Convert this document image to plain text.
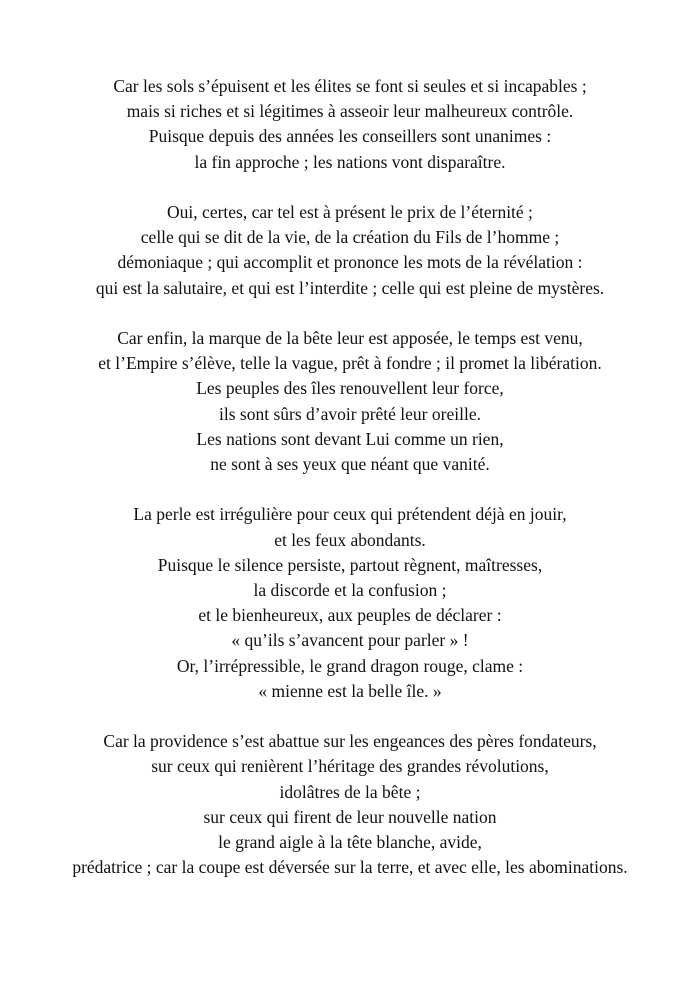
Car les sols s’épuisent et les élites se font si seules et si incapables ;
mais si riches et si légitimes à asseoir leur malheureux contrôle.
Puisque depuis des années les conseillers sont unanimes :
la fin approche ; les nations vont disparaître.
Oui, certes, car tel est à présent le prix de l’éternité ;
celle qui se dit de la vie, de la création du Fils de l’homme ;
démoniaque ; qui accomplit et prononce les mots de la révélation :
qui est la salutaire, et qui est l’interdite ; celle qui est pleine de mystères.
Car enfin, la marque de la bête leur est apposée, le temps est venu,
et l’Empire s’élève, telle la vague, prêt à fondre ; il promet la libération.
Les peuples des îles renouvellent leur force,
ils sont sûrs d’avoir prêté leur oreille.
Les nations sont devant Lui comme un rien,
ne sont à ses yeux que néant que vanité.
La perle est irrégulière pour ceux qui prétendent déjà en jouir,
et les feux abondants.
Puisque le silence persiste, partout règnent, maîtresses,
la discorde et la confusion ;
et le bienheureux, aux peuples de déclarer :
« qu’ils s’avancent pour parler » !
Or, l’irrépressible, le grand dragon rouge, clame :
« mienne est la belle île. »
Car la providence s’est abattue sur les engeances des pères fondateurs,
sur ceux qui renièrent l’héritage des grandes révolutions,
idolâtres de la bête ;
sur ceux qui firent de leur nouvelle nation
le grand aigle à la tête blanche, avide,
prédatrice ; car la coupe est déversée sur la terre, et avec elle, les abominations.
